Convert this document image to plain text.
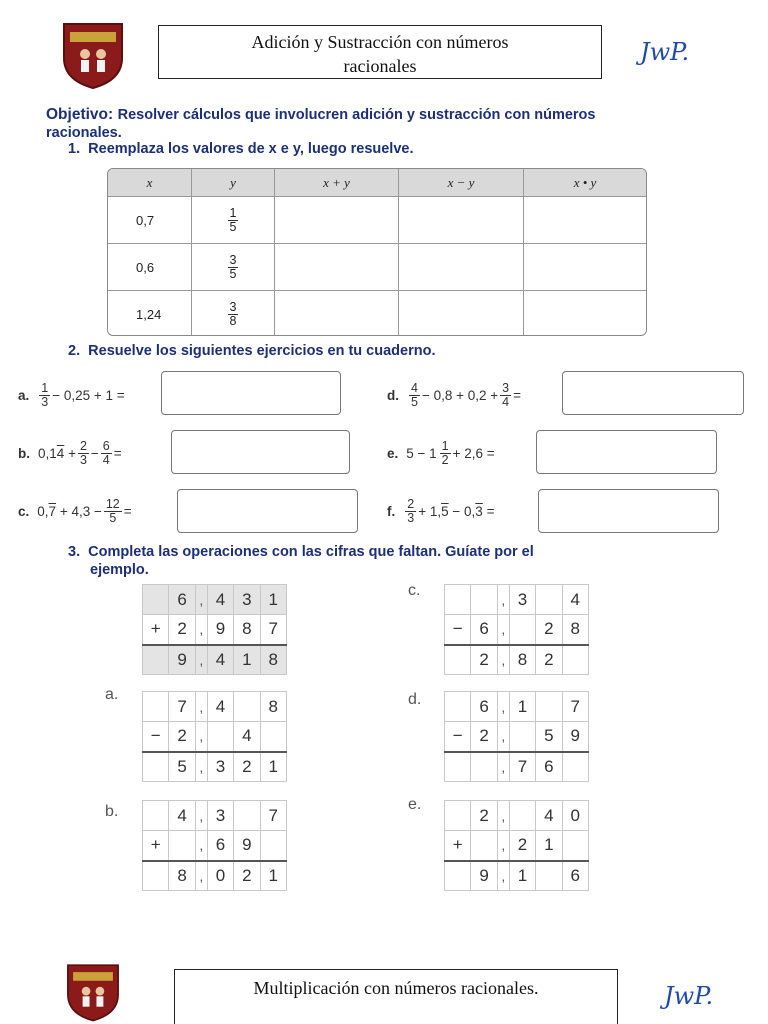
Adición y Sustracción con números
racionales	JwP.
Objetivo: Resolver cálculos que involucren adición y sustracción con números
racionales.
1. Reemplaza los valores de x e y, luego resuelve.
x	y	x + y	x − y	x • y
0,7	$\frac{1}{5}$
0,6	$\frac{3}{5}$
1,24	$\frac{3}{8}$
2. Resuelve los siguientes ejercicios en tu cuaderno.
a. $\frac{1}{3} - 0,25 + 1$ =	d. $\frac{4}{5} - 0,8 + 0,2 + \frac{3}{4}$ =
b. 0,1 4
+ $\frac{2}{3} - \frac{6}{4}$ =	e. $5 - 1 \frac{1}{2} + 2,6$ =
c. 0, 7
+ $4,3 - \frac{12}{5}$ =	f. $\frac{2}{3} + 1$, 5
− 0, 3
=
3. Completa las operaciones con las cifras que faltan. Guíate por el
ejemplo.
	6	,	4	3	1
+	2	,	9	8	7
	9	,	4	1	8
a.
	7	,	4		8
−	2	,		4	
	5	,	3	2	1
b.
		4	,	3		7
+		,	6	9	
	8	,	0	2	1
c.
		,	3		4
−	6	,		2	8
	2	,	8	2	
d.
		6	,	1		7
−	2	,		5	9
		,	7	6	
e.
	2	,		4	0
+		,	2	1	
	9	,	1		6
Multiplicación con números racionales.	JwP.
